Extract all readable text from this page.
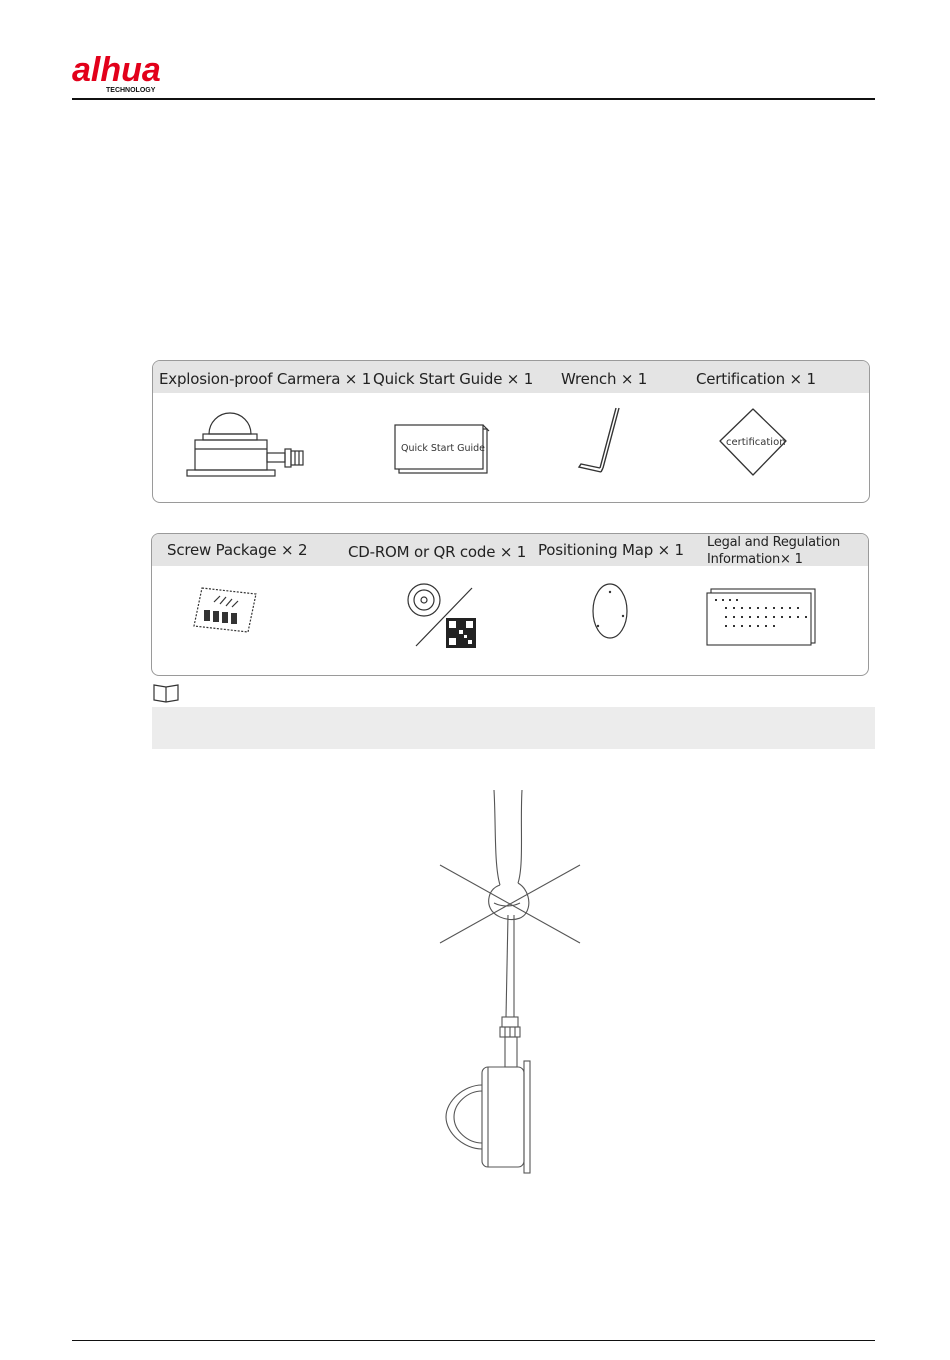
alhua
TECHNOLOGY
Explosion-proof Carmera × 1 Quick Start Guide × 1 Wrench × 1	Certification × 1
Quick Start Guide
certification
Screw Package × 2	CD-ROM or QR code × 1 Positioning Map × 1 Legal and Regulation Information× 1
